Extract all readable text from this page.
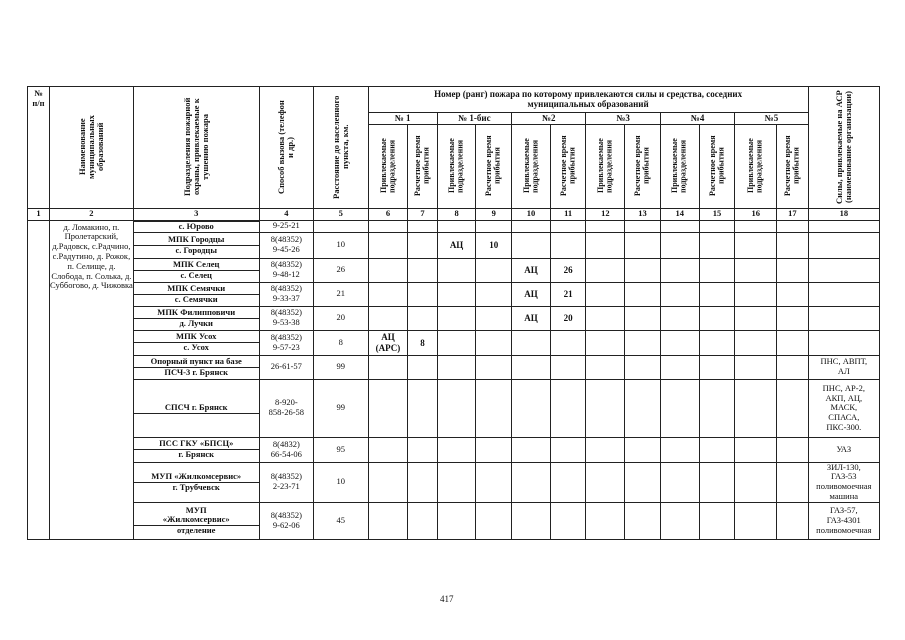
№
п/п	Наименование муниципальных образований	Подразделения пожарной охраны, привлекаемые к тушению пожара	Способ вызова (телефон и др.)	Расстояние до населенного пункта, км.	Номер (ранг) пожара по которому привлекаются силы и средства, соседних муниципальных образований												Силы, привлекаемые на АСР (наименование организации)

					№ 1		№ 1-бис		№2		№3		№4		№5		

					Привлекаемые подразделения	Расчетное время прибытия	Привлекаемые подразделения	Расчетное время прибытия	Привлекаемые подразделения	Расчетное время прибытия	Привлекаемые подразделения	Расчетное время прибытия	Привлекаемые подразделения	Расчетное время прибытия	Привлекаемые подразделения	Расчетное время прибытия	

1	2	3	4	5	6	7	8	9	10	11	12	13	14	15	16	17	18
	д. Ломакино, п. Пролетарский, д.Радовск, с.Радчино, с.Радутино, д. Рожок, п. Селище, д. Слобода, п. Солька, д. Суббогово, д. Чижовка	с. Юрово	9-25-21														

		МПК Городцы
с. Городцы	8(48352)
9-45-26	10			АЦ	10									

		МПК Селец
с. Селец	8(48352)
9-48-12	26					АЦ	26							

		МПК Семячки
с. Семячки	8(48352)
9-33-37	21					АЦ	21							

		МПК Филипповичи
д. Лучки	8(48352)
9-53-38	20					АЦ	20							

		МПК Усох
с. Усох	8(48352)
9-57-23	8	АЦ
(АРС)	8											

		Опорный пункт на базе
ПСЧ-3 г. Брянск	26-61-57	99													ПНС, АВПТ,
АЛ

		СПСЧ г. Брянск	8-920-
858-26-58	99													ПНС, АР-2,
АКП, АЦ,
МАСК,
СПАСА,
ПКС-300.

		ПСС ГКУ «БПСЦ»
г. Брянск	8(4832)
66-54-06	95													УАЗ

		МУП «Жилкомсервис»
г. Трубчевск	8(48352)
2-23-71	10													ЗИЛ-130,
ГАЗ-53
поливомоечная
машина

		МУП
«Жилкомсервис»
отделение	8(48352)
9-62-06	45													ГАЗ-57,
ГАЗ-4301
поливомоечная
417
